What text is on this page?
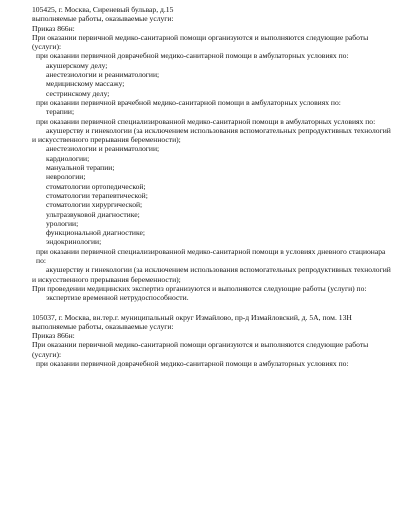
105425, г. Москва, Сиреневый бульвар, д.15
выполняемые работы, оказываемые услуги:
Приказ 866н:
При оказании первичной медико-санитарной помощи организуются и выполняются следующие работы (услуги):
при оказании первичной доврачебной медико-санитарной помощи в амбулаторных условиях по:
акушерскому делу;
анестезиологии и реаниматологии;
медицинскому массажу;
сестринскому делу;
при оказании первичной врачебной медико-санитарной помощи в амбулаторных условиях по:
терапии;
при оказании первичной специализированной медико-санитарной помощи в амбулаторных условиях по:
акушерству и гинекологии (за исключением использования вспомогательных репродуктивных технологий и искусственного прерывания беременности);
анестезиологии и реаниматологии;
кардиологии;
мануальной терапии;
неврологии;
стоматологии ортопедической;
стоматологии терапевтической;
стоматологии хирургической;
ультразвуковой диагностике;
урологии;
функциональной диагностике;
эндокринологии;
при оказании первичной специализированной медико-санитарной помощи в условиях дневного стационара по:
акушерству и гинекологии (за исключением использования вспомогательных репродуктивных технологий и искусственного прерывания беременности);
При проведении медицинских экспертиз организуются и выполняются следующие работы (услуги) по:
экспертизе временной нетрудоспособности.
105037, г. Москва, вн.тер.г. муниципальный округ Измайлово, пр-д Измайловский, д. 5А, пом. 13Н
выполняемые работы, оказываемые услуги:
Приказ 866н:
При оказании первичной медико-санитарной помощи организуются и выполняются следующие работы (услуги):
при оказании первичной доврачебной медико-санитарной помощи в амбулаторных условиях по:
